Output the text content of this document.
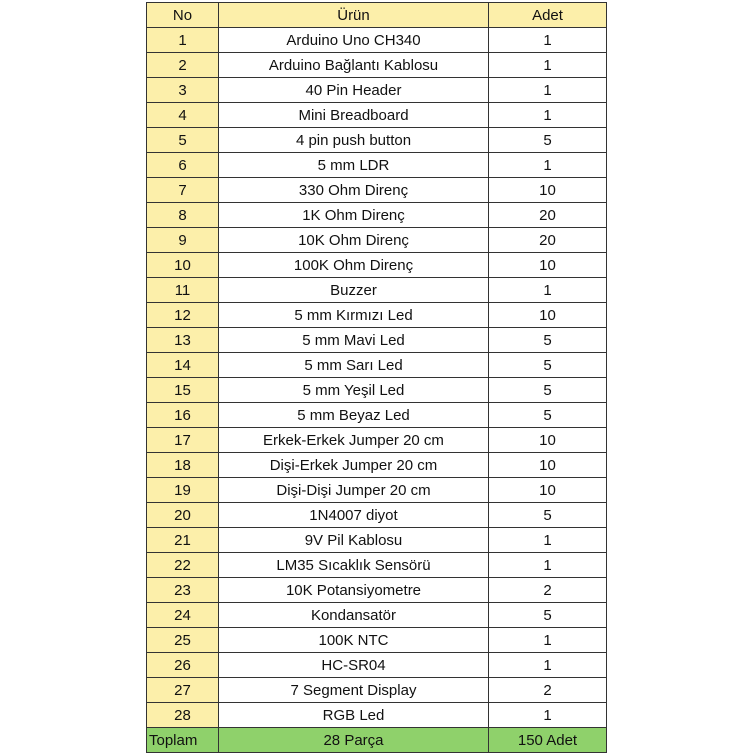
No	Ürün	Adet
1	Arduino Uno CH340	1
2	Arduino Bağlantı Kablosu	1
3	40 Pin Header	1
4	Mini Breadboard	1
5	4 pin push button	5
6	5 mm LDR	1
7	330 Ohm Direnç	10
8	1K Ohm Direnç	20
9	10K Ohm Direnç	20
10	100K Ohm Direnç	10
11	Buzzer	1
12	5 mm Kırmızı Led	10
13	5 mm Mavi Led	5
14	5 mm Sarı Led	5
15	5 mm Yeşil Led	5
16	5 mm Beyaz Led	5
17	Erkek-Erkek Jumper 20 cm	10
18	Dişi-Erkek Jumper 20 cm	10
19	Dişi-Dişi Jumper 20 cm	10
20	1N4007 diyot	5
21	9V Pil Kablosu	1
22	LM35 Sıcaklık Sensörü	1
23	10K Potansiyometre	2
24	Kondansatör	5
25	100K NTC	1
26	HC-SR04	1
27	7 Segment Display	2
28	RGB Led	1
Toplam	28 Parça	150 Adet
